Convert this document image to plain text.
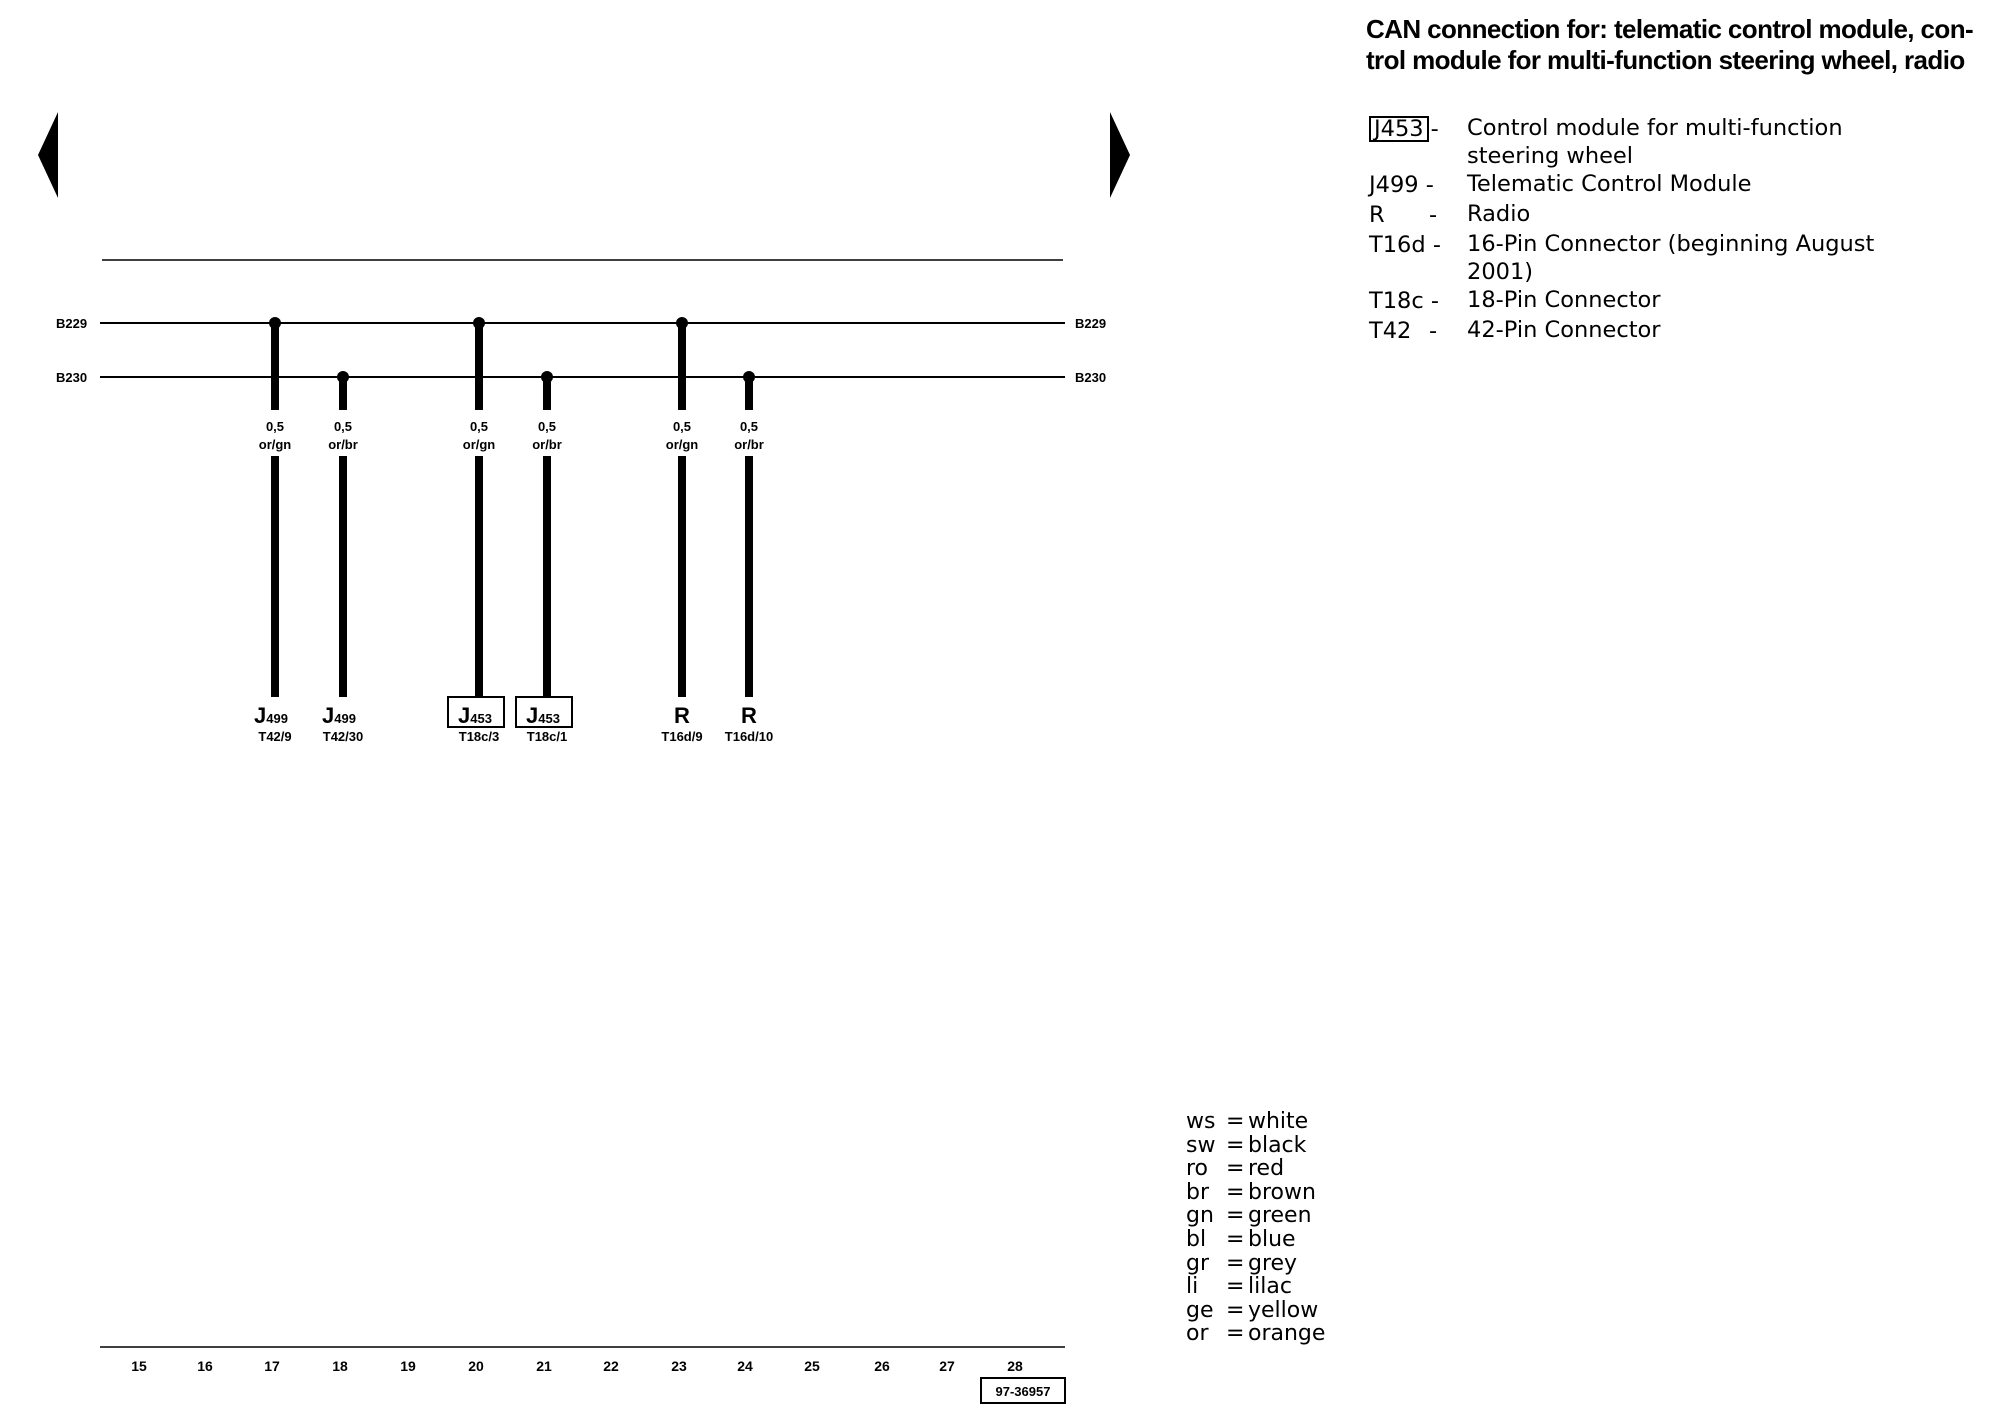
B229
B230
B229
B230
0,5
or/gn
J499
T42/9
0,5
or/br
J499
T42/30
0,5
or/gn
J453
T18c/3
0,5
or/br
J453
T18c/1
0,5
or/gn
R
T16d/9
0,5
or/br
R
T16d/10
15	16	17	18	19	20	21	22	23	24	25	26	27	28
97-36957
CAN connection for: telematic control module, con-
trol module for multi-function steering wheel, radio
J453 -	Control module for multi-function steering wheel
J499 -	Telematic Control Module
R -	Radio
T16d -	16-Pin Connector (beginning August 2001)
T18c -	18-Pin Connector
T42 -	42-Pin Connector
ws = white
sw = black
ro = red
br = brown
gn = green
bl = blue
gr = grey
li	= lilac
ge = yellow
or = orange
